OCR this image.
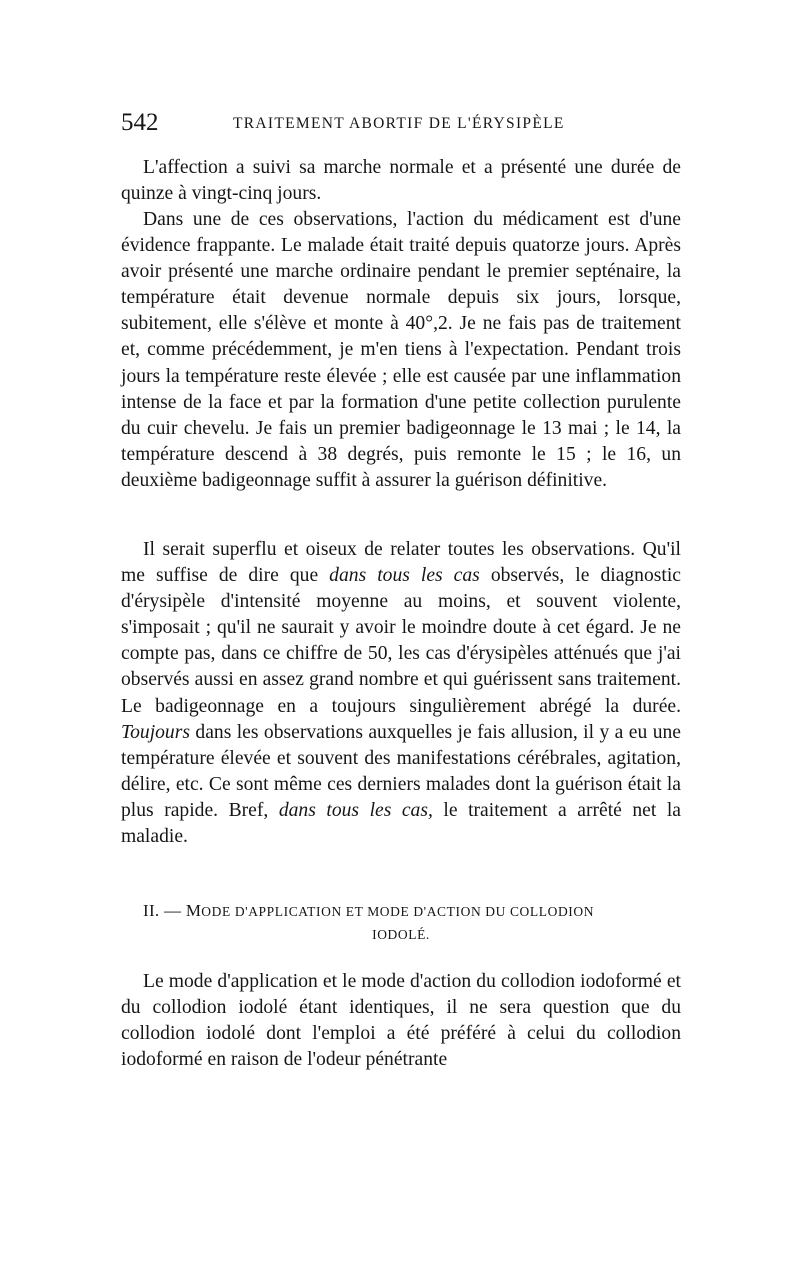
542	TRAITEMENT ABORTIF DE L'ÉRYSIPÈLE

L'affection a suivi sa marche normale et a présenté une durée de quinze à vingt-cinq jours.

Dans une de ces observations, l'action du médicament est d'une évidence frappante. Le malade était traité depuis quatorze jours. Après avoir présenté une marche ordinaire pendant le premier septénaire, la température était devenue normale depuis six jours, lorsque, subitement, elle s'élève et monte à 40°,2. Je ne fais pas de traitement et, comme précédemment, je m'en tiens à l'expectation. Pendant trois jours la température reste élevée ; elle est causée par une inflammation intense de la face et par la formation d'une petite collection purulente du cuir chevelu. Je fais un premier badigeonnage le 13 mai ; le 14, la température descend à 38 degrés, puis remonte le 15 ; le 16, un deuxième badigeonnage suffit à assurer la guérison définitive.

Il serait superflu et oiseux de relater toutes les observations. Qu'il me suffise de dire que dans tous les cas observés, le diagnostic d'érysipèle d'intensité moyenne au moins, et souvent violente, s'imposait ; qu'il ne saurait y avoir le moindre doute à cet égard. Je ne compte pas, dans ce chiffre de 50, les cas d'érysipèles atténués que j'ai observés aussi en assez grand nombre et qui guérissent sans traitement. Le badigeonnage en a toujours singulièrement abrégé la durée. Toujours dans les observations auxquelles je fais allusion, il y a eu une température élevée et souvent des manifestations cérébrales, agitation, délire, etc. Ce sont même ces derniers malades dont la guérison était la plus rapide. Bref, dans tous les cas, le traitement a arrêté net la maladie.

II. — MODE D'APPLICATION ET MODE D'ACTION DU COLLODION
IODOLÉ.

Le mode d'application et le mode d'action du collodion iodoformé et du collodion iodolé étant identiques, il ne sera question que du collodion iodolé dont l'emploi a été préféré à celui du collodion iodoformé en raison de l'odeur pénétrante
